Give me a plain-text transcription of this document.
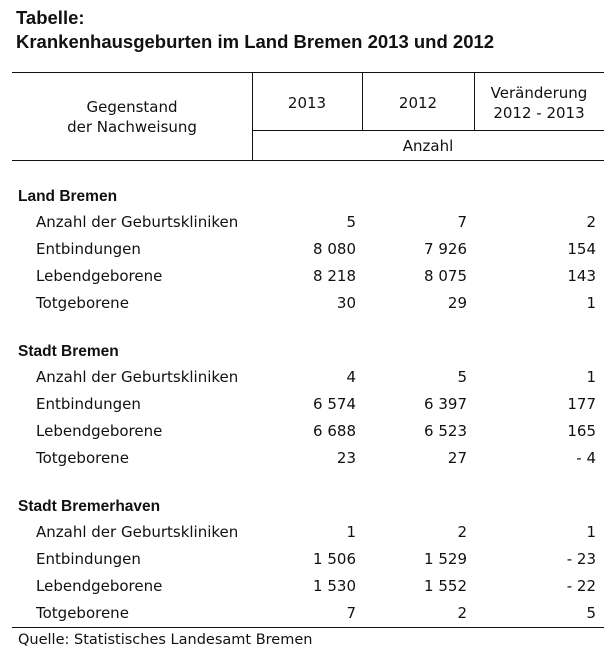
Tabelle:
Krankenhausgeburten im Land Bremen 2013 und 2012
Gegenstand
der Nachweisung
2013	2012
Veränderung
2012 - 2013
Anzahl
Land Bremen
Anzahl der Geburtskliniken	5	7	2
Entbindungen	8 080	7 926	154
Lebendgeborene	8 218	8 075	143
Totgeborene	30	29	1
Stadt Bremen
Anzahl der Geburtskliniken	4	5	1
Entbindungen	6 574	6 397	177
Lebendgeborene	6 688	6 523	165
Totgeborene	23	27	- 4
Stadt Bremerhaven
Anzahl der Geburtskliniken	1	2	1
Entbindungen	1 506	1 529	- 23
Lebendgeborene	1 530	1 552	- 22
Totgeborene	7	2	5
Quelle: Statistisches Landesamt Bremen
